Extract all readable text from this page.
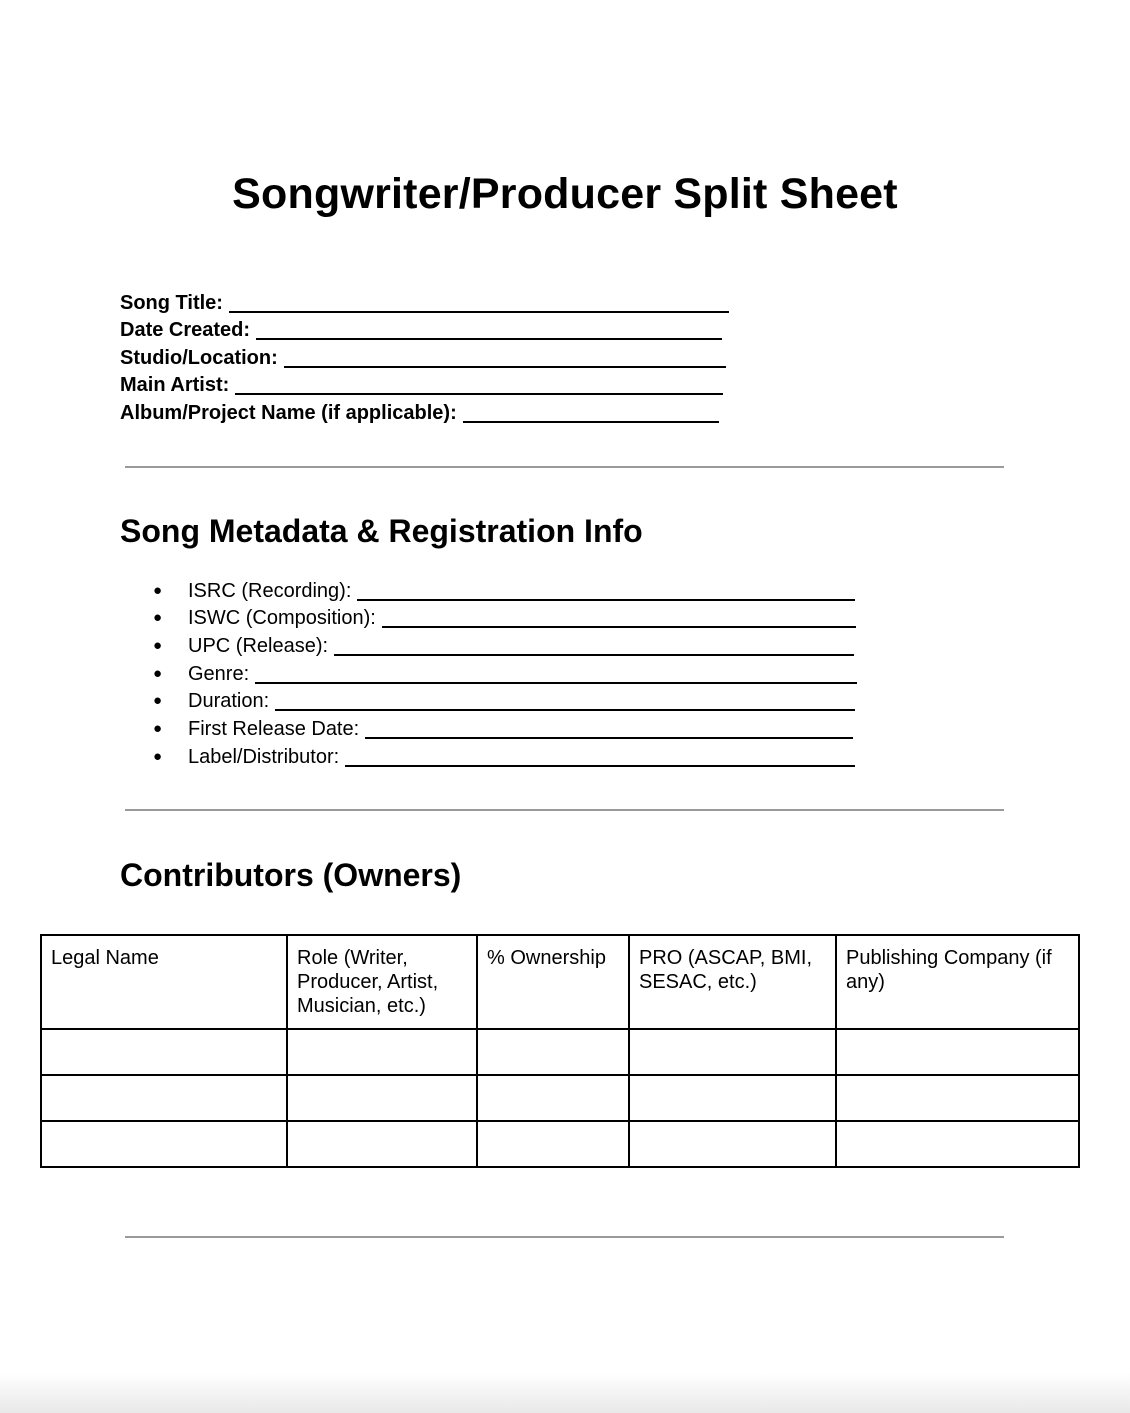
Songwriter/Producer Split Sheet
Song Title:
Date Created:
Studio/Location:
Main Artist:
Album/Project Name (if applicable):
Song Metadata & Registration Info
●	ISRC (Recording):
●	ISWC (Composition):
●	UPC (Release):
●	Genre:
●	Duration:
●	First Release Date:
●	Label/Distributor:
Contributors (Owners)
Legal Name	Role (Writer, Producer, Artist, Musician, etc.)	% Ownership	PRO (ASCAP, BMI, SESAC, etc.)	Publishing Company (if any)
